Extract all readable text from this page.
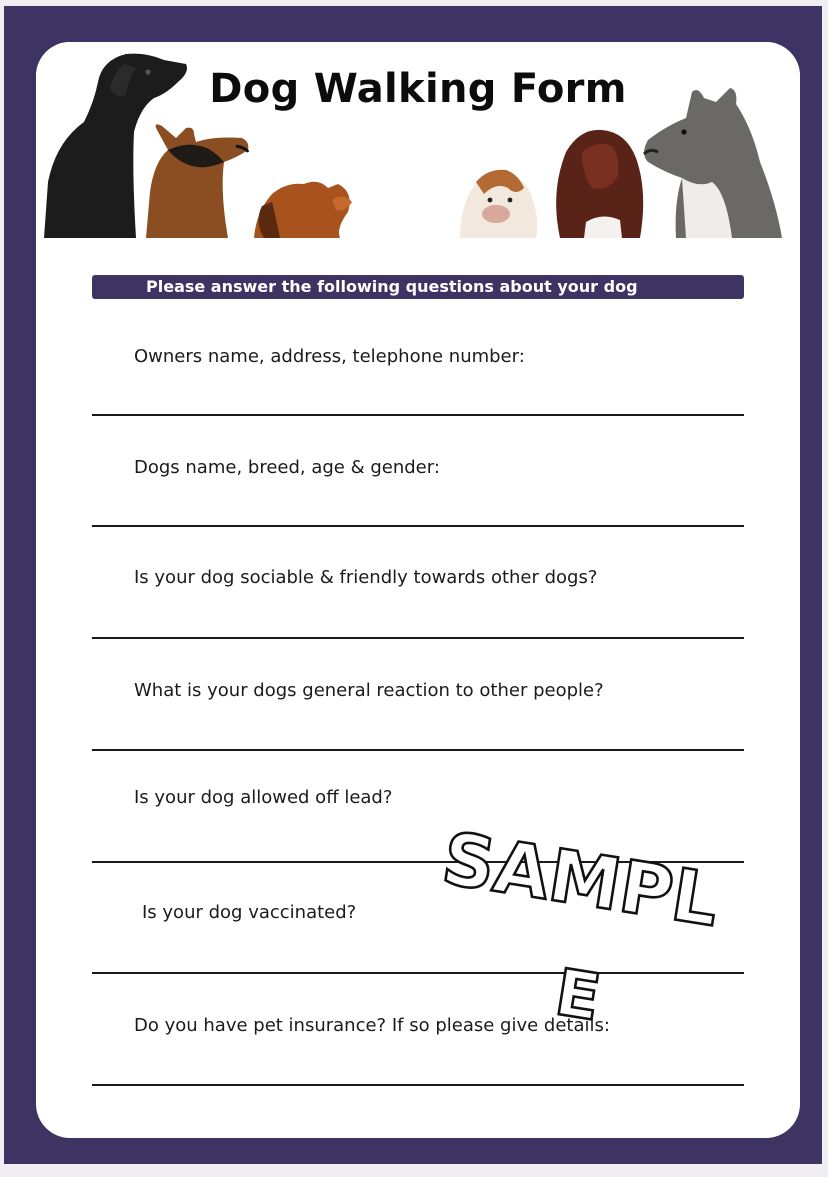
Dog Walking Form
Please answer the following questions about your dog
Owners name, address, telephone number:
Dogs name, breed, age & gender:
Is your dog sociable & friendly towards other dogs?
What is your dogs general reaction to other people?
Is your dog allowed off lead?
Is your dog vaccinated?
Do you have pet insurance? If so please give details:
SAMPL
E
